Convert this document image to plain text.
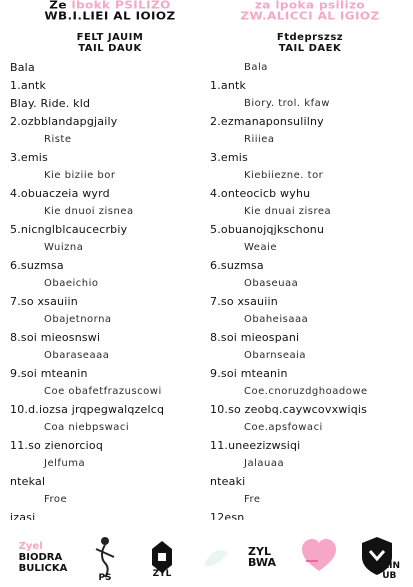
Ze lbokk PSILIZO
WB.I.LIEI AL IOIOZ
FELT JAUIM
TAIL DAUK
Bala
1.antk
Blay. Ride. kld
2.ozbblandapgjaily
Riste
3.emis
Kie biziie bor
4.obuaczeia wyrd
Kie dnuoi zisnea
5.nicnglblcaucecrbiy
Wuizna
6.suzmsa
Obaeichio
7.so xsauiin
Obajetnorna
8.soi mieosnswi
Obaraseaaa
9.soi mteanin
Coe obafetfrazuscowi
10.d.iozsa jrqpegwalqzelcq
Coa niebpswaci
11.so zienorcioq
Jelfuma
ntekal
Froe
izasi
za lpoka psilizo
ZW.ALICCI AL IGIOZ
Ftdeprszsz
TAIL DAEK
Bala
1.antk
Biory. trol. kfaw
2.ezmanaponsulilny
Riiiea
3.emis
Kiebiiezne. tor
4.onteocicb wyhu
Kie dnuai zisrea
5.obuanojqjkschonu
Weaie
6.suzmsa
Obaseuaa
7.so xsauiin
Obaheisaaa
8.soi mieospani
Obarnseaia
9.soi mteanin
Coe.cnoruzdghoadowe
10.so zeobq.caywcovxwiqis
Coe.apsfowaci
11.uneezizwsiqi
Jalauaa
nteaki
Fre
12esn
Zyel
BIODRA
BULICKA
PS	ZYL
ZYL
BWA	RIN
UB
